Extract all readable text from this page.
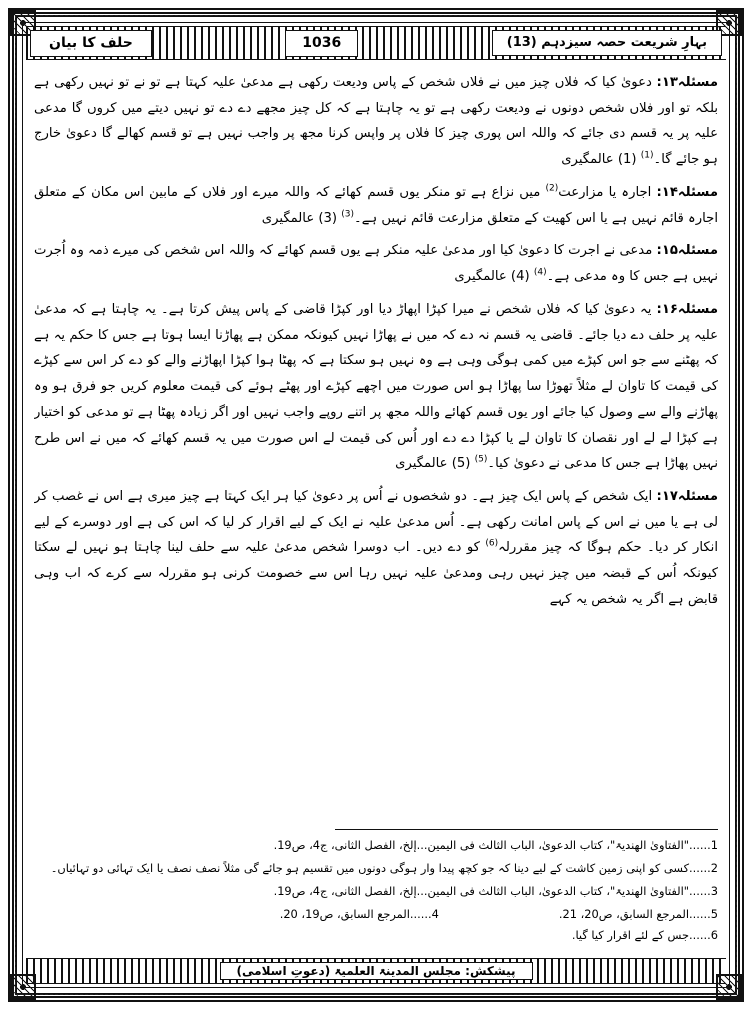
بہارِ شریعت حصہ سیزدہم (13)
1036
حلف کا بیان

مسئلہ۱۳: دعویٰ کیا کہ فلاں چیز میں نے فلاں شخص کے پاس ودیعت رکھی ہے مدعیٰ علیہ کہتا ہے تو نے تو نہیں رکھی ہے بلکہ تو اور فلاں شخص دونوں نے ودیعت رکھی ہے تو یہ چاہتا ہے کہ کل چیز مجھے دے دے تو نہیں دیتے میں کروں گا مدعی علیہ پر یہ قسم دی جائے کہ واللہ اس پوری چیز کا فلاں پر واپس کرنا مجھ پر واجب نہیں ہے تو قسم کھالے گا دعویٰ خارج ہو جائے گا۔$^{(1)}$ (1) عالمگیری

مسئلہ۱۴: اجارہ یا مزارعت$^{(2)}$ میں نزاع ہے تو منکر یوں قسم کھائے کہ واللہ میرے اور فلاں کے مابین اس مکان کے متعلق اجارہ قائم نہیں ہے یا اس کھیت کے متعلق مزارعت قائم نہیں ہے۔$^{(3)}$ (3) عالمگیری

مسئلہ۱۵: مدعی نے اجرت کا دعویٰ کیا اور مدعیٰ علیہ منکر ہے یوں قسم کھائے کہ واللہ اس شخص کی میرے ذمہ وہ اُجرت نہیں ہے جس کا وہ مدعی ہے۔$^{(4)}$ (4) عالمگیری

مسئلہ۱۶: یہ دعویٰ کیا کہ فلاں شخص نے میرا کپڑا اپھاڑ دیا اور کپڑا قاضی کے پاس پیش کرتا ہے۔ یہ چاہتا ہے کہ مدعیٰ علیہ پر حلف دے دیا جائے۔ قاضی یہ قسم نہ دے کہ میں نے پھاڑا نہیں کیونکہ ممکن ہے پھاڑنا ایسا ہوتا ہے جس کا حکم یہ ہے کہ پھٹنے سے جو اس کپڑے میں کمی ہوگی وہی ہے وہ نہیں ہو سکتا ہے کہ پھٹا ہوا کپڑا اپھاڑنے والے کو دے کر اس سے کپڑے کی قیمت کا تاوان لے مثلاً تھوڑا سا پھاڑا ہو اس صورت میں اچھے کپڑے اور پھٹے ہوئے کی قیمت معلوم کریں جو فرق ہو وہ پھاڑنے والے سے وصول کیا جائے اور یوں قسم کھائے واللہ مجھ پر اتنے روپے واجب نہیں اور اگر زیادہ پھٹا ہے تو مدعی کو اختیار ہے کپڑا لے لے اور نقصان کا تاوان لے یا کپڑا دے دے اور اُس کی قیمت لے اس صورت میں یہ قسم کھائے کہ میں نے اس طرح نہیں پھاڑا ہے جس کا مدعی نے دعویٰ کیا۔$^{(5)}$ (5) عالمگیری

مسئلہ۱۷: ایک شخص کے پاس ایک چیز ہے۔ دو شخصوں نے اُس پر دعویٰ کیا ہر ایک کہتا ہے چیز میری ہے اس نے غصب کر لی ہے یا میں نے اس کے پاس امانت رکھی ہے۔ اُس مدعیٰ علیہ نے ایک کے لیے اقرار کر لیا کہ اس کی ہے اور دوسرے کے لیے انکار کر دیا۔ حکم ہوگا کہ چیز مقررلہ$^{(6)}$ کو دے دیں۔ اب دوسرا شخص مدعیٰ علیہ سے حلف لینا چاہتا ہو نہیں لے سکتا کیونکہ اُس کے قبضہ میں چیز نہیں رہی ومدعیٰ علیہ نہیں رہا اس سے خصومت کرنی ہو مقررلہ سے کرے کہ اب وہی قابض ہے اگر یہ شخص یہ کہے

1......"الفتاویٰ الھندیۃ"، کتاب الدعویٰ، الباب الثالث فی الیمین...إلخ، الفصل الثانی، ج4، ص19.

2......کسی کو اپنی زمین کاشت کے لیے دینا کہ جو کچھ پیدا وار ہوگی دونوں میں تقسیم ہو جائے گی مثلاً نصف نصف یا ایک تہائی دو تہائیاں۔

3......"الفتاویٰ الھندیۃ"، کتاب الدعویٰ، الباب الثالث فی الیمین...إلخ، الفصل الثانی، ج4، ص19.

5......المرجع السابق، ص20، 21.
4......المرجع السابق، ص19، 20.

6......جس کے لئے اقرار کیا گیا.

پیشکش: مجلس المدینۃ العلمیۃ (دعوتِ اسلامی)
